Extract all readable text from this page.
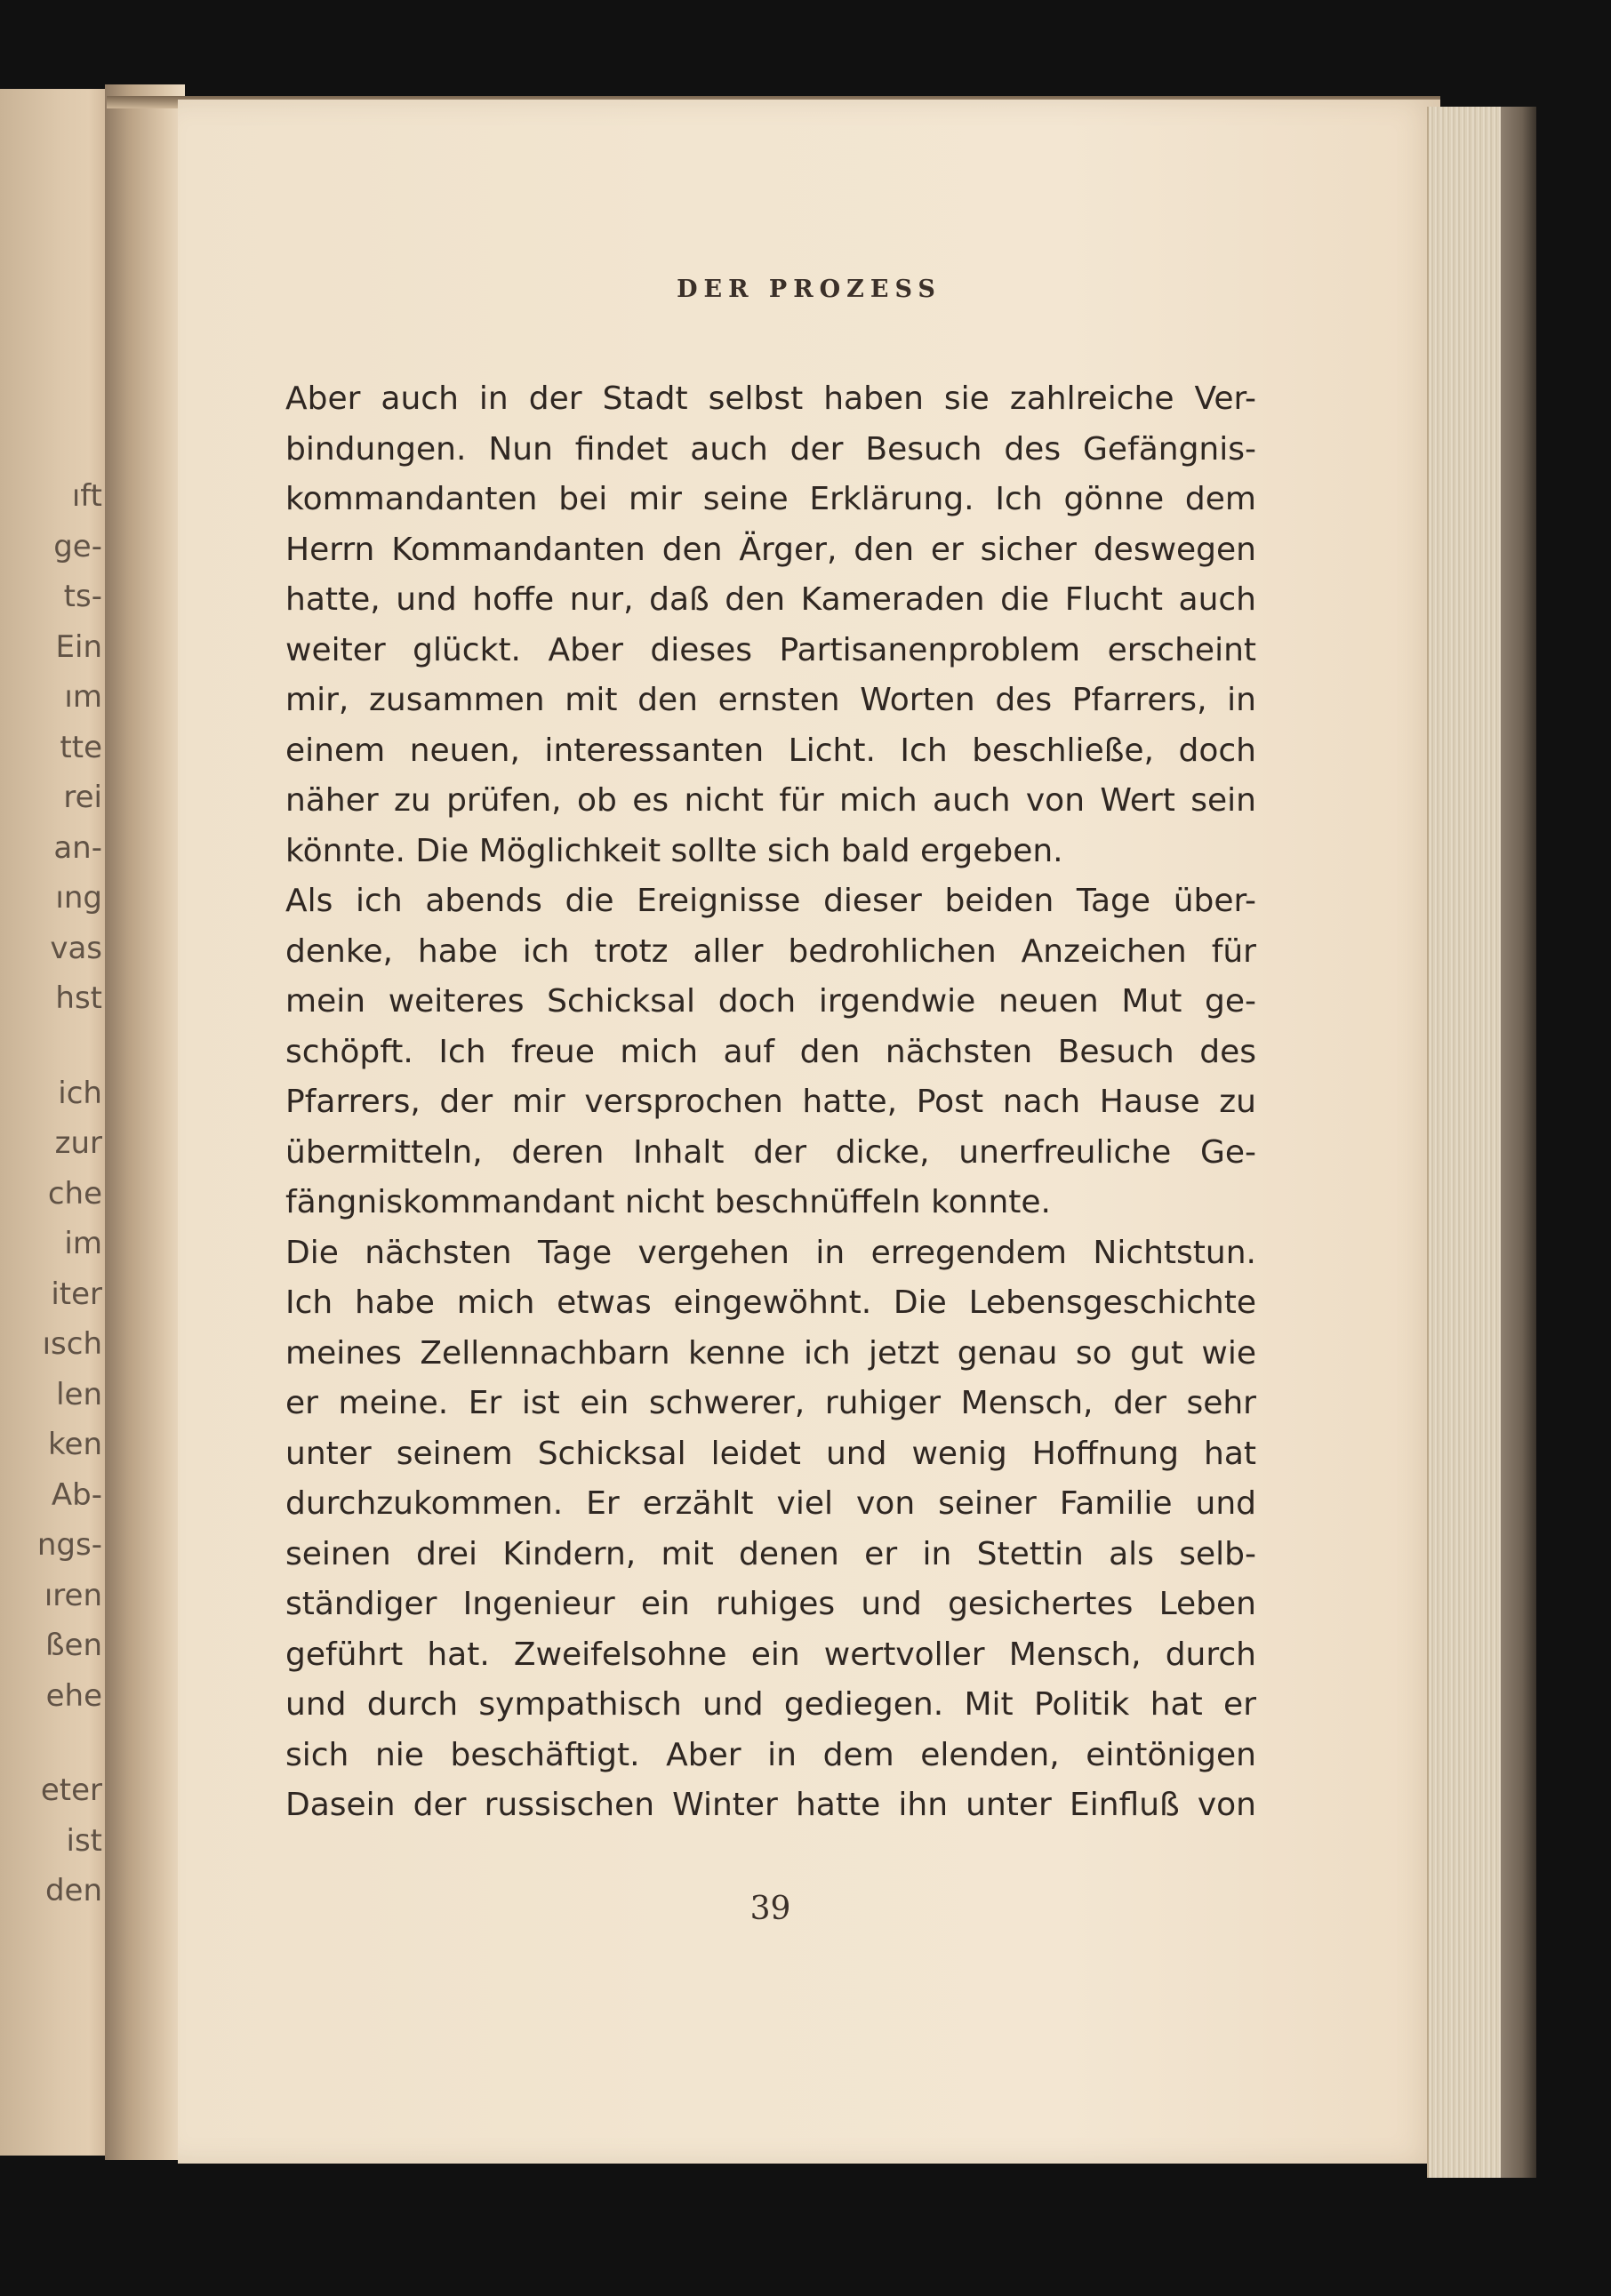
ıft
ge-
ts-
Ein
ım
tte
rei
an-
ıng
vas
hst
ich
zur
che
im
iter
ısch
len
ken
Ab-
ngs-
ıren
ßen
ehe
eter
ist
den
DER PROZESS
Aber auch in der Stadt selbst haben sie zahlreiche Ver-
bindungen. Nun findet auch der Besuch des Gefängnis-
kommandanten bei mir seine Erklärung. Ich gönne dem
Herrn Kommandanten den Ärger, den er sicher deswegen
hatte, und hoffe nur, daß den Kameraden die Flucht auch
weiter glückt. Aber dieses Partisanenproblem erscheint
mir, zusammen mit den ernsten Worten des Pfarrers, in
einem neuen, interessanten Licht. Ich beschließe, doch
näher zu prüfen, ob es nicht für mich auch von Wert sein
könnte. Die Möglichkeit sollte sich bald ergeben.
Als ich abends die Ereignisse dieser beiden Tage über-
denke, habe ich trotz aller bedrohlichen Anzeichen für
mein weiteres Schicksal doch irgendwie neuen Mut ge-
schöpft. Ich freue mich auf den nächsten Besuch des
Pfarrers, der mir versprochen hatte, Post nach Hause zu
übermitteln, deren Inhalt der dicke, unerfreuliche Ge-
fängniskommandant nicht beschnüffeln konnte.
Die nächsten Tage vergehen in erregendem Nichtstun.
Ich habe mich etwas eingewöhnt. Die Lebensgeschichte
meines Zellennachbarn kenne ich jetzt genau so gut wie
er meine. Er ist ein schwerer, ruhiger Mensch, der sehr
unter seinem Schicksal leidet und wenig Hoffnung hat
durchzukommen. Er erzählt viel von seiner Familie und
seinen drei Kindern, mit denen er in Stettin als selb-
ständiger Ingenieur ein ruhiges und gesichertes Leben
geführt hat. Zweifelsohne ein wertvoller Mensch, durch
und durch sympathisch und gediegen. Mit Politik hat er
sich nie beschäftigt. Aber in dem elenden, eintönigen
Dasein der russischen Winter hatte ihn unter Einfluß von
39
